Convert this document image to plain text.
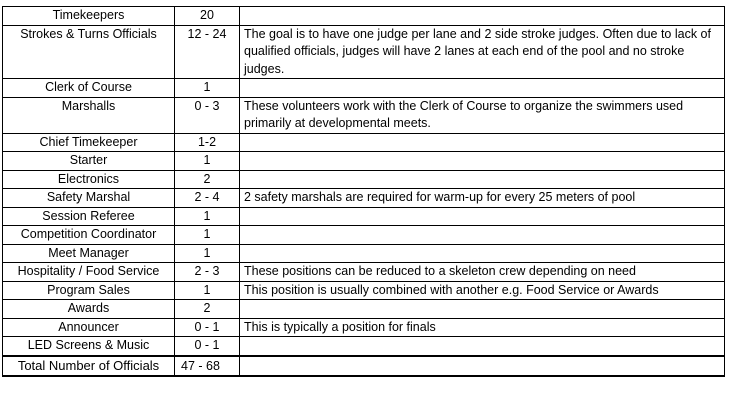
Timekeepers	20	
Strokes & Turns Officials	12 - 24	The goal is to have one judge per lane and 2 side stroke judges. Often due to lack of qualified officials, judges will have 2 lanes at each end of the pool and no stroke judges.
Clerk of Course	1	
Marshalls	0 - 3	These volunteers work with the Clerk of Course to organize the swimmers used primarily at developmental meets.
Chief Timekeeper	1-2	
Starter	1	
Electronics	2	
Safety Marshal	2 - 4	2 safety marshals are required for warm-up for every 25 meters of pool
Session Referee	1	
Competition Coordinator	1	
Meet Manager	1	
Hospitality / Food Service	2 - 3	These positions can be reduced to a skeleton crew depending on need
Program Sales	1	This position is usually combined with another e.g. Food Service or Awards
Awards	2	
Announcer	0 - 1	This is typically a position for finals
LED Screens & Music	0 - 1	
Total Number of Officials	47 - 68	
